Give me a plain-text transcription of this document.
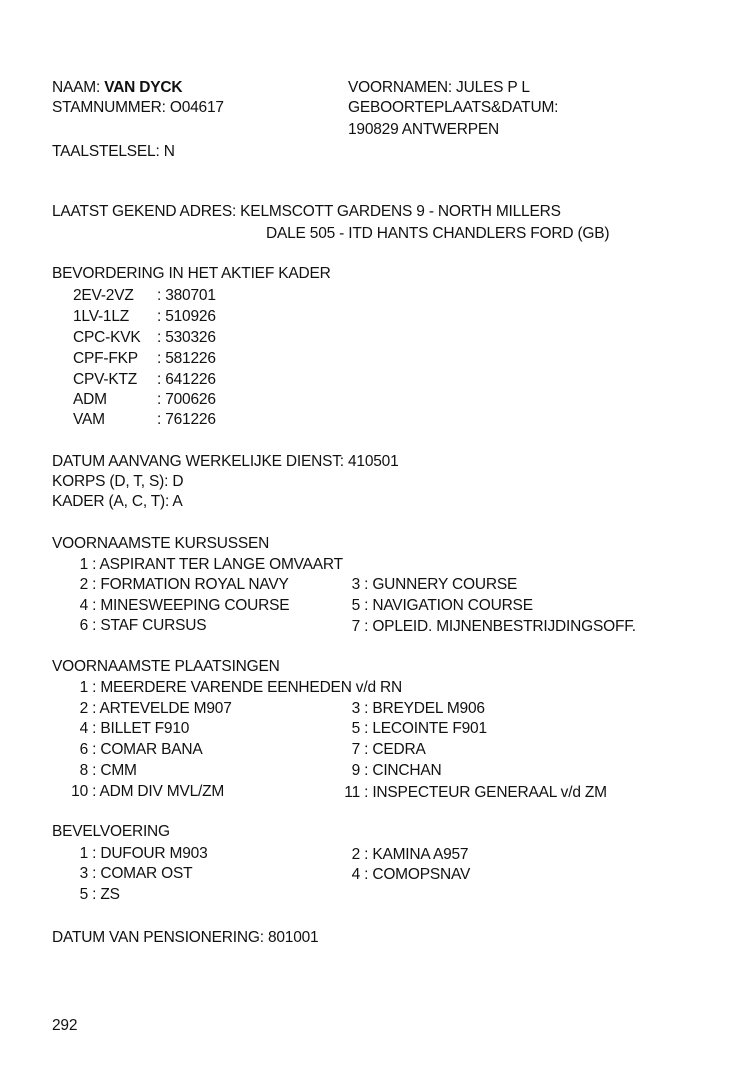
NAAM: VAN DYCK
STAMNUMMER: O04617
VOORNAMEN: JULES P L
GEBOORTEPLAATS&DATUM:
190829 ANTWERPEN
TAALSTELSEL: N
LAATST GEKEND ADRES: KELMSCOTT GARDENS 9 - NORTH MILLERS
DALE 505 - ITD HANTS CHANDLERS FORD (GB)
BEVORDERING IN HET AKTIEF KADER
2EV-2VZ : 380701
1LV-1LZ : 510926
CPC-KVK : 530326
CPF-FKP : 581226
CPV-KTZ : 641226
ADM	: 700626
VAM	: 761226
DATUM AANVANG WERKELIJKE DIENST: 410501
KORPS (D, T, S): D
KADER (A, C, T): A
VOORNAAMSTE KURSUSSEN
1 : ASPIRANT TER LANGE OMVAART
2 : FORMATION ROYAL NAVY	3 : GUNNERY COURSE
4 : MINESWEEPING COURSE	5 : NAVIGATION COURSE
6 : STAF CURSUS	7 : OPLEID. MIJNENBESTRIJDINGSOFF.
VOORNAAMSTE PLAATSINGEN
1 : MEERDERE VARENDE EENHEDEN v/d RN
2 : ARTEVELDE M907	3 : BREYDEL M906
4 : BILLET F910	5 : LECOINTE F901
6 : COMAR BANA	7 : CEDRA
8 : CMM	9 : CINCHAN
10 : ADM DIV MVL/ZM	11 : INSPECTEUR GENERAAL v/d ZM
BEVELVOERING
1 : DUFOUR M903	2 : KAMINA A957
3 : COMAR OST	4 : COMOPSNAV
5 : ZS
DATUM VAN PENSIONERING: 801001
292
